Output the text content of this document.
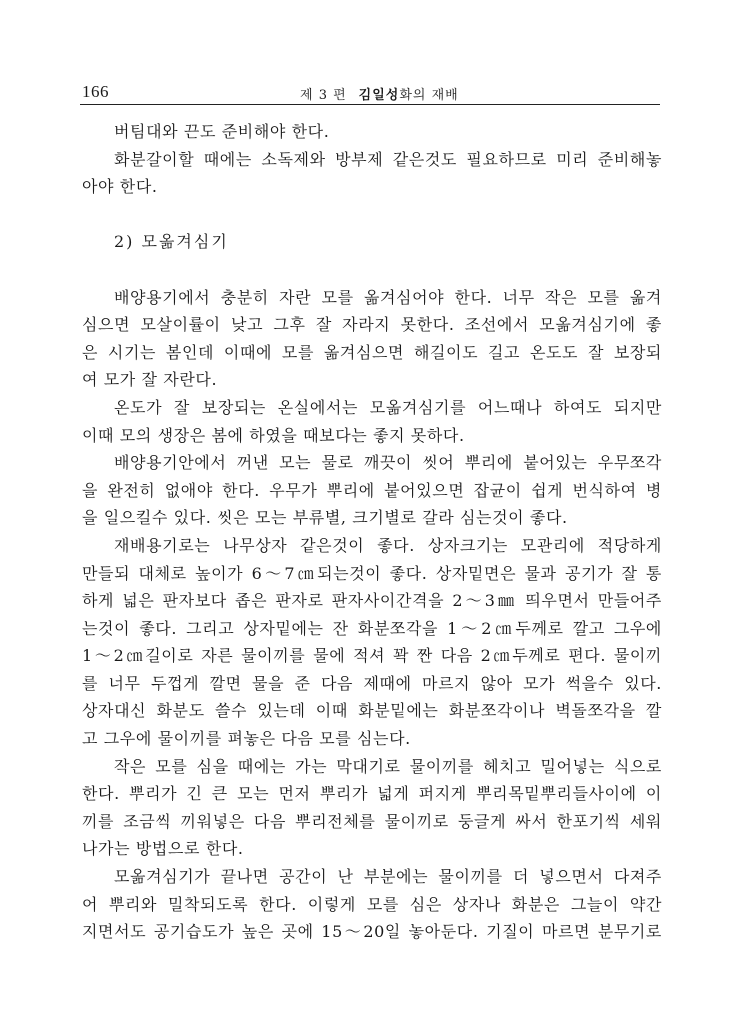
166	제 3 편 김일성화의 재배
버팀대와 끈도 준비해야 한다.
화분갈이할 때에는 소독제와 방부제 같은것도 필요하므로 미리 준비해놓
아야 한다.
2) 모옮겨심기
배양용기에서 충분히 자란 모를 옮겨심어야 한다. 너무 작은 모를 옮겨
심으면 모살이률이 낮고 그후 잘 자라지 못한다. 조선에서 모옮겨심기에 좋
은 시기는 봄인데 이때에 모를 옮겨심으면 해길이도 길고 온도도 잘 보장되
여 모가 잘 자란다.
온도가 잘 보장되는 온실에서는 모옮겨심기를 어느때나 하여도 되지만
이때 모의 생장은 봄에 하였을 때보다는 좋지 못하다.
배양용기안에서 꺼낸 모는 물로 깨끗이 씻어 뿌리에 붙어있는 우무쪼각
을 완전히 없애야 한다. 우무가 뿌리에 붙어있으면 잡균이 쉽게 번식하여 병
을 일으킬수 있다. 씻은 모는 부류별, 크기별로 갈라 심는것이 좋다.
재배용기로는 나무상자 같은것이 좋다. 상자크기는 모관리에 적당하게
만들되 대체로 높이가 6～7㎝되는것이 좋다. 상자밑면은 물과 공기가 잘 통
하게 넓은 판자보다 좁은 판자로 판자사이간격을 2～3㎜ 띄우면서 만들어주
는것이 좋다. 그리고 상자밑에는 잔 화분쪼각을 1～2㎝두께로 깔고 그우에
1～2㎝길이로 자른 물이끼를 물에 적셔 꽉 짠 다음 2㎝두께로 편다. 물이끼
를 너무 두껍게 깔면 물을 준 다음 제때에 마르지 않아 모가 썩을수 있다.
상자대신 화분도 쓸수 있는데 이때 화분밑에는 화분쪼각이나 벽돌쪼각을 깔
고 그우에 물이끼를 펴놓은 다음 모를 심는다.
작은 모를 심을 때에는 가는 막대기로 물이끼를 헤치고 밀어넣는 식으로
한다. 뿌리가 긴 큰 모는 먼저 뿌리가 넓게 퍼지게 뿌리목밑뿌리들사이에 이
끼를 조금씩 끼워넣은 다음 뿌리전체를 물이끼로 둥글게 싸서 한포기씩 세워
나가는 방법으로 한다.
모옮겨심기가 끝나면 공간이 난 부분에는 물이끼를 더 넣으면서 다져주
어 뿌리와 밀착되도록 한다. 이렇게 모를 심은 상자나 화분은 그늘이 약간
지면서도 공기습도가 높은 곳에 15～20일 놓아둔다. 기질이 마르면 분무기로
